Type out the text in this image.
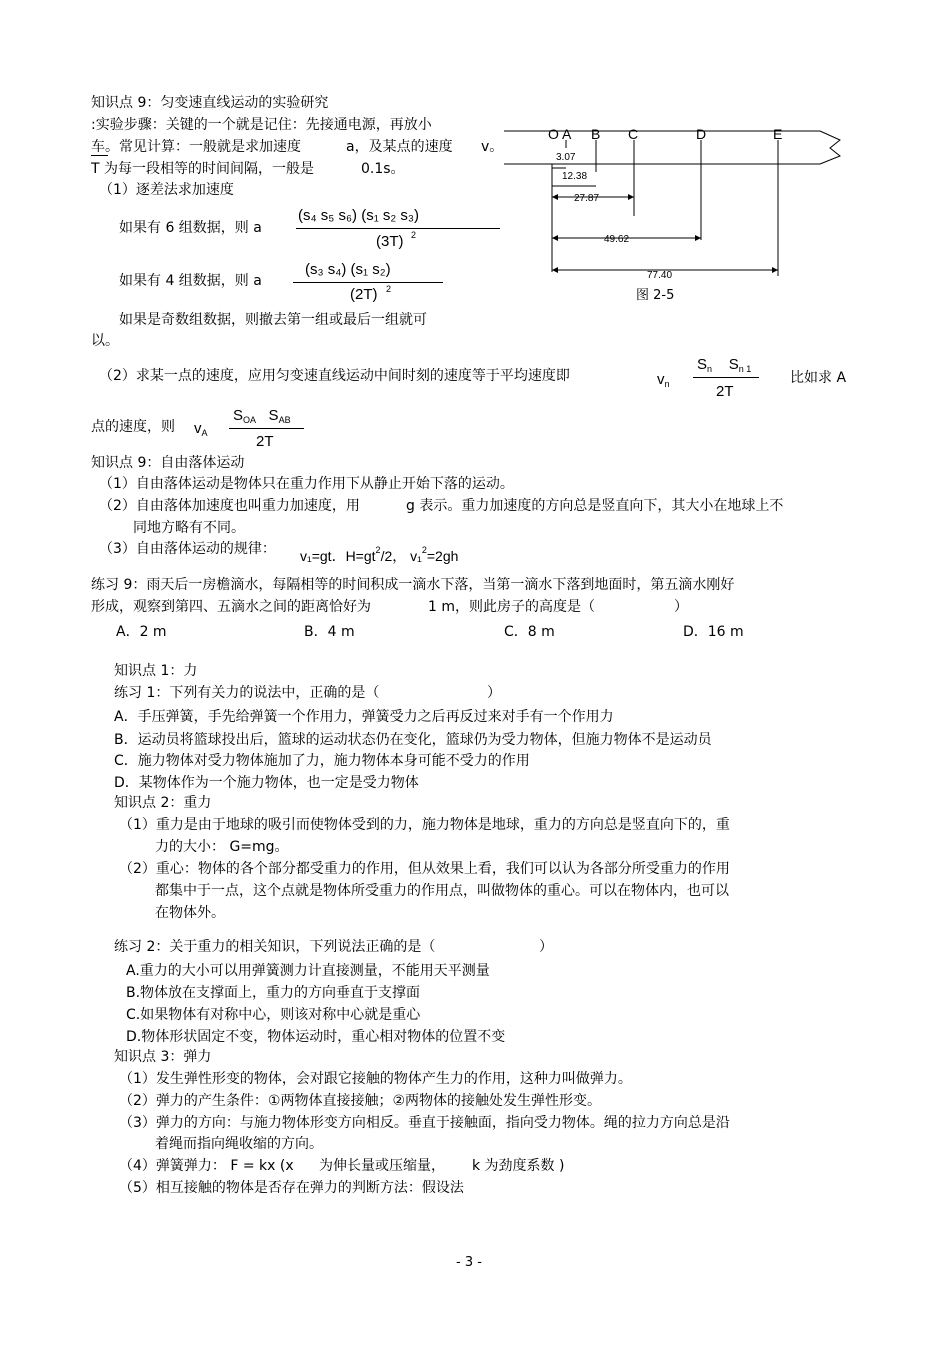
知识点 9：匀变速直线运动的实验研究
:实验步骤：关键的一个就是记住：先接通电源，再放小
车。常见计算：一般就是求加速度	a，及某点的速度 v。
T 为每一段相等的时间间隔，一般是	0.1s。
（1）逐差法求加速度
如果有 6 组数据，则 a
(s₄ s₅ s₆) (s₁ s₂ s₃)
(3T) 2
如果有 4 组数据，则 a
(s₃ s₄) (s₁ s₂)
(2T) 2
如果是奇数组数据，则撤去第一组或最后一组就可
以。
（2）求某一点的速度，应用匀变速直线运动中间时刻的速度等于平均速度即	$v_n$
$S_n$ $S_{n 1}$
2T
比如求 A
点的速度，则 $v_A$
$S_{OA}$ $S_{AB}$
2T
O A B C	D	E
3.07
12.38
27.87
49.62
77.40
图 2-5
知识点 9：自由落体运动
（1）自由落体运动是物体只在重力作用下从静止开始下落的运动。
（2）自由落体加速度也叫重力加速度，用	g 表示。重力加速度的方向总是竖直向下，其大小在地球上不
同地方略有不同。
（3）自由落体运动的规律： v₁=gt．$H=gt^2/2$， v₁$^2$=2gh
练习 9：雨天后一房檐滴水，每隔相等的时间积成一滴水下落，当第一滴水下落到地面时，第五滴水刚好
形成，观察到第四、五滴水之间的距离恰好为	1 m，则此房子的高度是（	）
A．2 m	B．4 m	C．8 m	D．16 m
知识点 1：力
练习 1：下列有关力的说法中，正确的是（	）
A．手压弹簧，手先给弹簧一个作用力，弹簧受力之后再反过来对手有一个作用力
B．运动员将篮球投出后，篮球的运动状态仍在变化，篮球仍为受力物体，但施力物体不是运动员
C．施力物体对受力物体施加了力，施力物体本身可能不受力的作用
D．某物体作为一个施力物体，也一定是受力物体
知识点 2：重力
（1）重力是由于地球的吸引而使物体受到的力，施力物体是地球，重力的方向总是竖直向下的，重
力的大小： G=mg。
（2）重心：物体的各个部分都受重力的作用，但从效果上看，我们可以认为各部分所受重力的作用
都集中于一点，这个点就是物体所受重力的作用点，叫做物体的重心。可以在物体内，也可以
在物体外。
练习 2：关于重力的相关知识，下列说法正确的是（	）
A.重力的大小可以用弹簧测力计直接测量，不能用天平测量
B.物体放在支撑面上，重力的方向垂直于支撑面
C.如果物体有对称中心，则该对称中心就是重心
D.物体形状固定不变，物体运动时，重心相对物体的位置不变
知识点 3：弹力
（1）发生弹性形变的物体，会对跟它接触的物体产生力的作用，这种力叫做弹力。
（2）弹力的产生条件：①两物体直接接触；②两物体的接触处发生弹性形变。
（3）弹力的方向：与施力物体形变方向相反。垂直于接触面，指向受力物体。绳的拉力方向总是沿
着绳而指向绳收缩的方向。
（4）弹簧弹力： F = kx (x 为伸长量或压缩量， k 为劲度系数 )
（5）相互接触的物体是否存在弹力的判断方法：假设法
- 3 -
